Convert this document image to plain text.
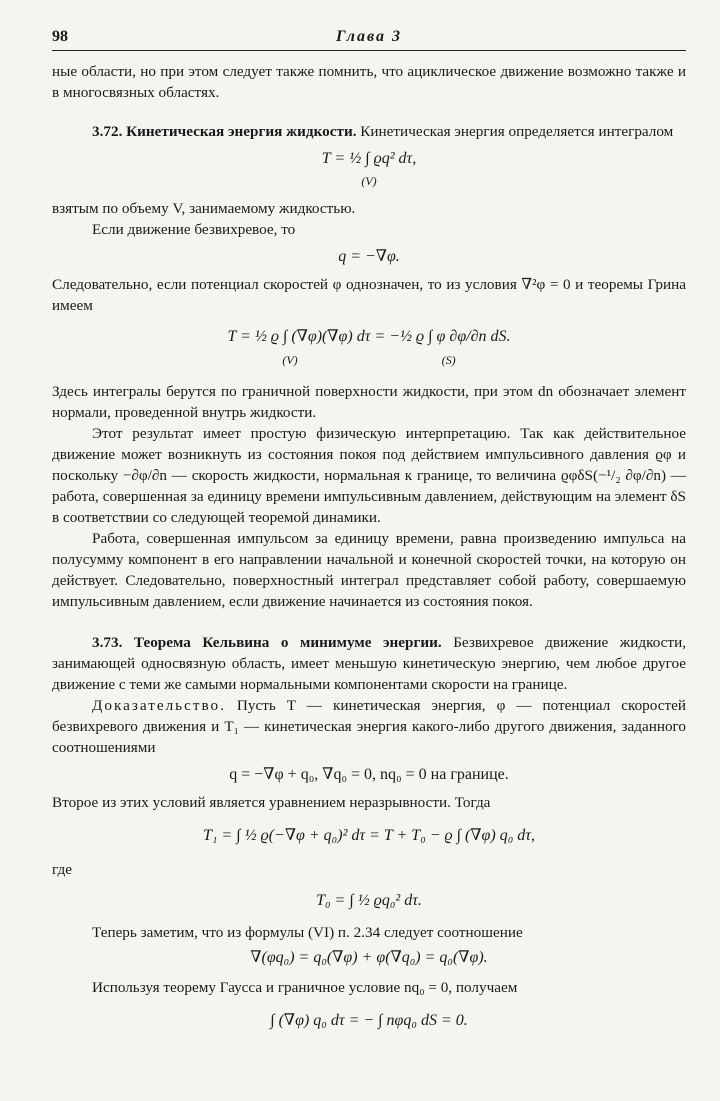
98	Глава 3

ные области, но при этом следует также помнить, что ациклическое движение возможно также и в многосвязных областях.

3.72. Кинетическая энергия жидкости. Кинетическая энергия определяется интегралом

T = ½ ∫ ϱq² dτ,
(V)

взятым по объему V, занимаемому жидкостью.

Если движение безвихревое, то

q = −∇φ.

Следовательно, если потенциал скоростей φ однозначен, то из условия ∇²φ = 0 и теоремы Грина имеем

T = ½ ϱ ∫ (∇φ)(∇φ) dτ = −½ ϱ ∫ φ ∂φ/∂n dS.
(V)	(S)

Здесь интегралы берутся по граничной поверхности жидкости, при этом dn обозначает элемент нормали, проведенной внутрь жидкости.

Этот результат имеет простую физическую интерпретацию. Так как действительное движение может возникнуть из состояния покоя под действием импульсивного давления ϱφ и поскольку −∂φ/∂n — скорость жидкости, нормальная к границе, то величина ϱφδS(−¹/₂ ∂φ/∂n) — работа, совершенная за единицу времени импульсивным давлением, действующим на элемент δS в соответствии со следующей теоремой динамики.

Работа, совершенная импульсом за единицу времени, равна произведению импульса на полусумму компонент в его направлении начальной и конечной скоростей точки, на которую он действует. Следовательно, поверхностный интеграл представляет собой работу, совершаемую импульсивным давлением, если движение начинается из состояния покоя.

3.73. Теорема Кельвина о минимуме энергии. Безвихревое движение жидкости, занимающей односвязную область, имеет меньшую кинетическую энергию, чем любое другое движение с теми же самыми нормальными компонентами скорости на границе.

Доказательство. Пусть T — кинетическая энергия, φ — потенциал скоростей безвихревого движения и T₁ — кинетическая энергия какого-либо другого движения, заданного соотношениями

q = −∇φ + q₀, ∇q₀ = 0, nq₀ = 0 на границе.

Второе из этих условий является уравнением неразрывности. Тогда

T₁ = ∫ ½ ϱ(−∇φ + q₀)² dτ = T + T₀ − ϱ ∫ (∇φ) q₀ dτ,

где

T₀ = ∫ ½ ϱq₀² dτ.

Теперь заметим, что из формулы (VI) п. 2.34 следует соотношение

∇(φq₀) = q₀(∇φ) + φ(∇q₀) = q₀(∇φ).

Используя теорему Гаусса и граничное условие nq₀ = 0, получаем

∫ (∇φ) q₀ dτ = − ∫ nφq₀ dS = 0.
